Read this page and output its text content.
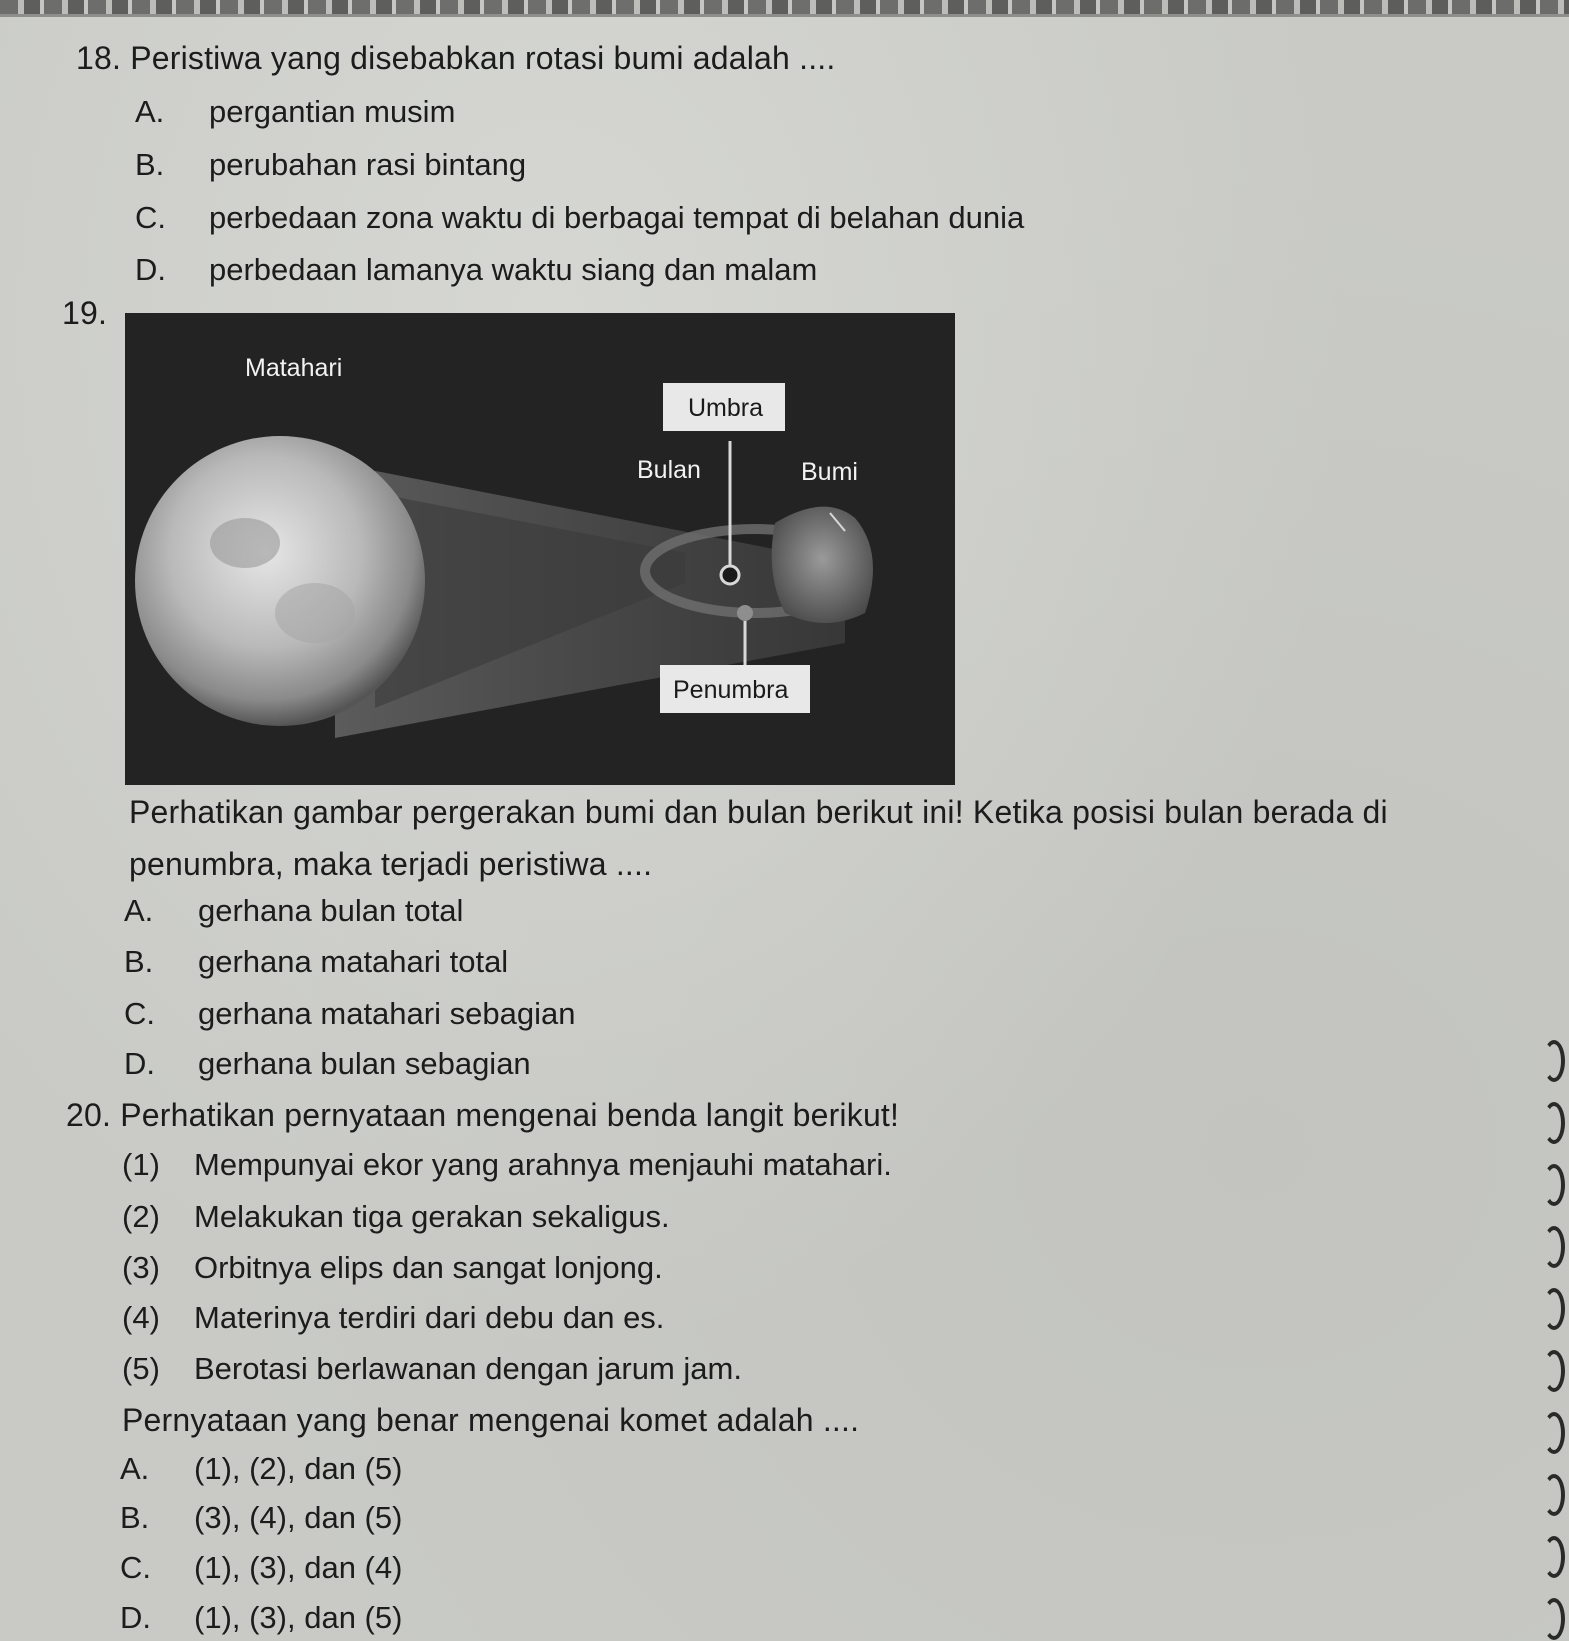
18. Peristiwa yang disebabkan rotasi bumi adalah ....
A. pergantian musim
B. perubahan rasi bintang
C. perbedaan zona waktu di berbagai tempat di belahan dunia
D. perbedaan lamanya waktu siang dan malam
19.
Matahari
Umbra
Bulan	Bumi
Penumbra
Perhatikan gambar pergerakan bumi dan bulan berikut ini! Ketika posisi bulan berada di
penumbra, maka terjadi peristiwa ....
A. gerhana bulan total
B. gerhana matahari total
C. gerhana matahari sebagian
D. gerhana bulan sebagian
20. Perhatikan pernyataan mengenai benda langit berikut!
(1) Mempunyai ekor yang arahnya menjauhi matahari.
(2) Melakukan tiga gerakan sekaligus.
(3) Orbitnya elips dan sangat lonjong.
(4) Materinya terdiri dari debu dan es.
(5) Berotasi berlawanan dengan jarum jam.
Pernyataan yang benar mengenai komet adalah ....
A. (1), (2), dan (5)
B. (3), (4), dan (5)
C. (1), (3), dan (4)
D. (1), (3), dan (5)
